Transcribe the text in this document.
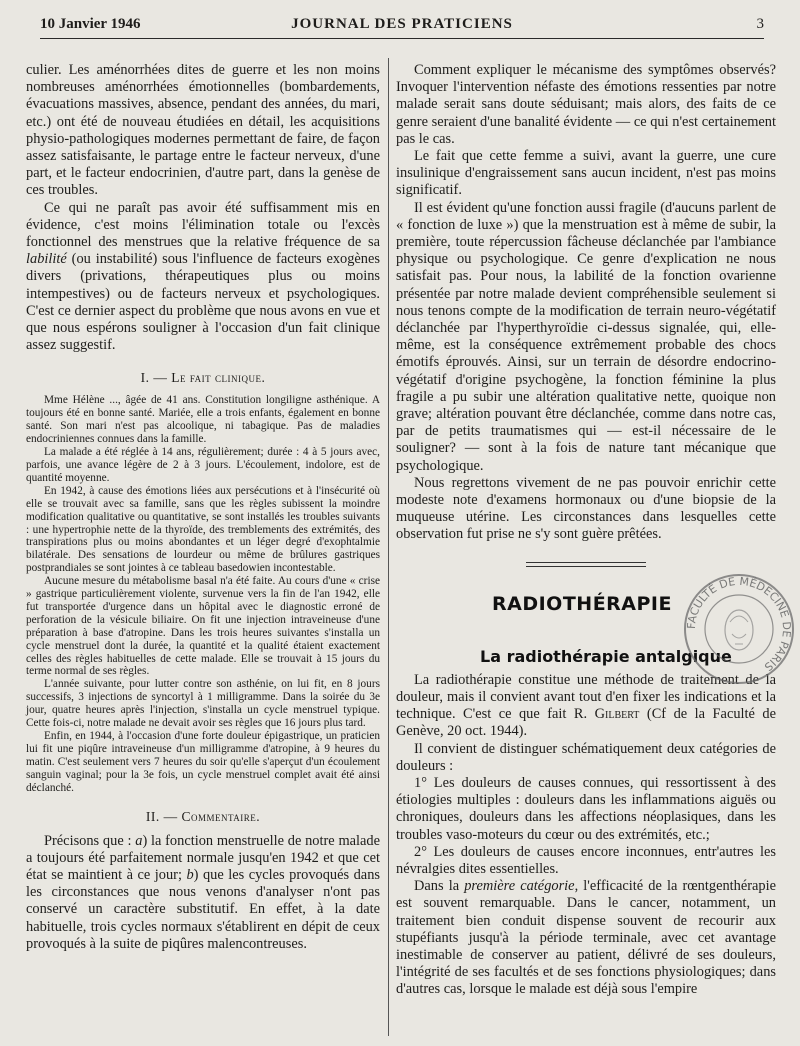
10 Janvier 1946	JOURNAL DES PRATICIENS	3

culier. Les aménorrhées dites de guerre et les non moins nombreuses aménorrhées émotionnelles (bombardements, évacuations massives, absence, pendant des années, du mari, etc.) ont été de nouveau étudiées en détail, les acquisitions physio-pathologiques modernes permettant de faire, de façon assez satisfaisante, le partage entre le facteur nerveux, d'une part, et le facteur endocrinien, d'autre part, dans la genèse de ces troubles.

Ce qui ne paraît pas avoir été suffisamment mis en évidence, c'est moins l'élimination totale ou l'excès fonctionnel des menstrues que la relative fréquence de sa labilité (ou instabilité) sous l'influence de facteurs exogènes divers (privations, thérapeutiques plus ou moins intempestives) ou de facteurs nerveux et psychologiques. C'est ce dernier aspect du problème que nous avons en vue et que nous espérons souligner à l'occasion d'un fait clinique assez suggestif.

I. — Le fait clinique.

Mme Hélène ..., âgée de 41 ans. Constitution longiligne asthénique. A toujours été en bonne santé. Mariée, elle a trois enfants, également en bonne santé. Son mari n'est pas alcoolique, ni tabagique. Pas de maladies endocriniennes connues dans la famille.

La malade a été réglée à 14 ans, régulièrement; durée : 4 à 5 jours avec, parfois, une avance légère de 2 à 3 jours. L'écoulement, indolore, est de quantité moyenne.

En 1942, à cause des émotions liées aux persécutions et à l'insécurité où elle se trouvait avec sa famille, sans que les règles subissent la moindre modification qualitative ou quantitative, se sont installés les troubles suivants : une hypertrophie nette de la thyroïde, des tremblements des extrémités, des transpirations plus ou moins abondantes et un léger degré d'exophtalmie bilatérale. Des sensations de lourdeur ou même de brûlures gastriques postprandiales se sont jointes à ce tableau basedowien incontestable.

Aucune mesure du métabolisme basal n'a été faite. Au cours d'une « crise » gastrique particulièrement violente, survenue vers la fin de l'an 1942, elle fut transportée d'urgence dans un hôpital avec le diagnostic erroné de perforation de la vésicule biliaire. On fit une injection intraveineuse d'une préparation à base d'atropine. Dans les trois heures suivantes s'installa un cycle menstruel dont la durée, la quantité et la qualité étaient exactement celles des règles habituelles de cette malade. Elle se trouvait à 15 jours du terme normal de ses règles.

L'année suivante, pour lutter contre son asthénie, on lui fit, en 8 jours successifs, 3 injections de syncortyl à 1 milligramme. Dans la soirée du 3e jour, quatre heures après l'injection, s'installa un cycle menstruel typique. Cette fois-ci, notre malade ne devait avoir ses règles que 16 jours plus tard.

Enfin, en 1944, à l'occasion d'une forte douleur épigastrique, un praticien lui fit une piqûre intraveineuse d'un milligramme d'atropine, à 9 heures du matin. C'est seulement vers 7 heures du soir qu'elle s'aperçut d'un écoulement sanguin vaginal; pour la 3e fois, un cycle menstruel complet avait été ainsi déclanché.

II. — Commentaire.

Précisons que : a) la fonction menstruelle de notre malade a toujours été parfaitement normale jusqu'en 1942 et que cet état se maintient à ce jour; b) que les cycles provoqués dans les circonstances que nous venons d'analyser n'ont pas conservé un caractère substitutif. En effet, à la date habituelle, trois cycles normaux s'établirent en dépit de ceux provoqués à la suite de piqûres malencontreuses.

Comment expliquer le mécanisme des symptômes observés? Invoquer l'intervention néfaste des émotions ressenties par notre malade serait sans doute séduisant; mais alors, des faits de ce genre seraient d'une banalité évidente — ce qui n'est certainement pas le cas.

Le fait que cette femme a suivi, avant la guerre, une cure insulinique d'engraissement sans aucun incident, n'est pas moins significatif.

Il est évident qu'une fonction aussi fragile (d'aucuns parlent de « fonction de luxe ») que la menstruation est à même de subir, la première, toute répercussion fâcheuse déclanchée par l'ambiance physique ou psychologique. Ce genre d'explication ne nous satisfait pas. Pour nous, la labilité de la fonction ovarienne présentée par notre malade devient compréhensible seulement si nous tenons compte de la modification de terrain neuro-végétatif déclanchée par l'hyperthyroïdie ci-dessus signalée, qui, elle-même, est la conséquence extrêmement probable des chocs émotifs éprouvés. Ainsi, sur un terrain de désordre endocrino-végétatif d'origine psychogène, la fonction féminine la plus fragile a pu subir une altération qualitative nette, quoique non grave; altération pouvant être déclanchée, comme dans notre cas, par de petits traumatismes qui — est-il nécessaire de le souligner? — sont à la fois de nature tant mécanique que psychologique.

Nous regrettons vivement de ne pas pouvoir enrichir cette modeste note d'examens hormonaux ou d'une biopsie de la muqueuse utérine. Les circonstances dans lesquelles cette observation fut prise ne s'y sont guère prêtées.

RADIOTHÉRAPIE
La radiothérapie antalgique

La radiothérapie constitue une méthode de traitement de la douleur, mais il convient avant tout d'en fixer les indications et la technique. C'est ce que fait R. Gilbert (Cf de la Faculté de Genève, 20 oct. 1944).

Il convient de distinguer schématiquement deux catégories de douleurs :

1° Les douleurs de causes connues, qui ressortissent à des étiologies multiples : douleurs dans les inflammations aiguës ou chroniques, douleurs dans les affections néoplasiques, dans les troubles vaso-moteurs du cœur ou des extrémités, etc.;

2° Les douleurs de causes encore inconnues, entr'autres les névralgies dites essentielles.

Dans la première catégorie, l'efficacité de la rœntgenthérapie est souvent remarquable. Dans le cancer, notamment, un traitement bien conduit dispense souvent de recourir aux stupéfiants jusqu'à la période terminale, avec cet avantage inestimable de conserver au patient, délivré de ses douleurs, l'intégrité de ses facultés et de ses fonctions physiologiques; dans d'autres cas, lorsque le malade est déjà sous l'empire

FACULTÉ DE MÉDECINE DE PARIS
